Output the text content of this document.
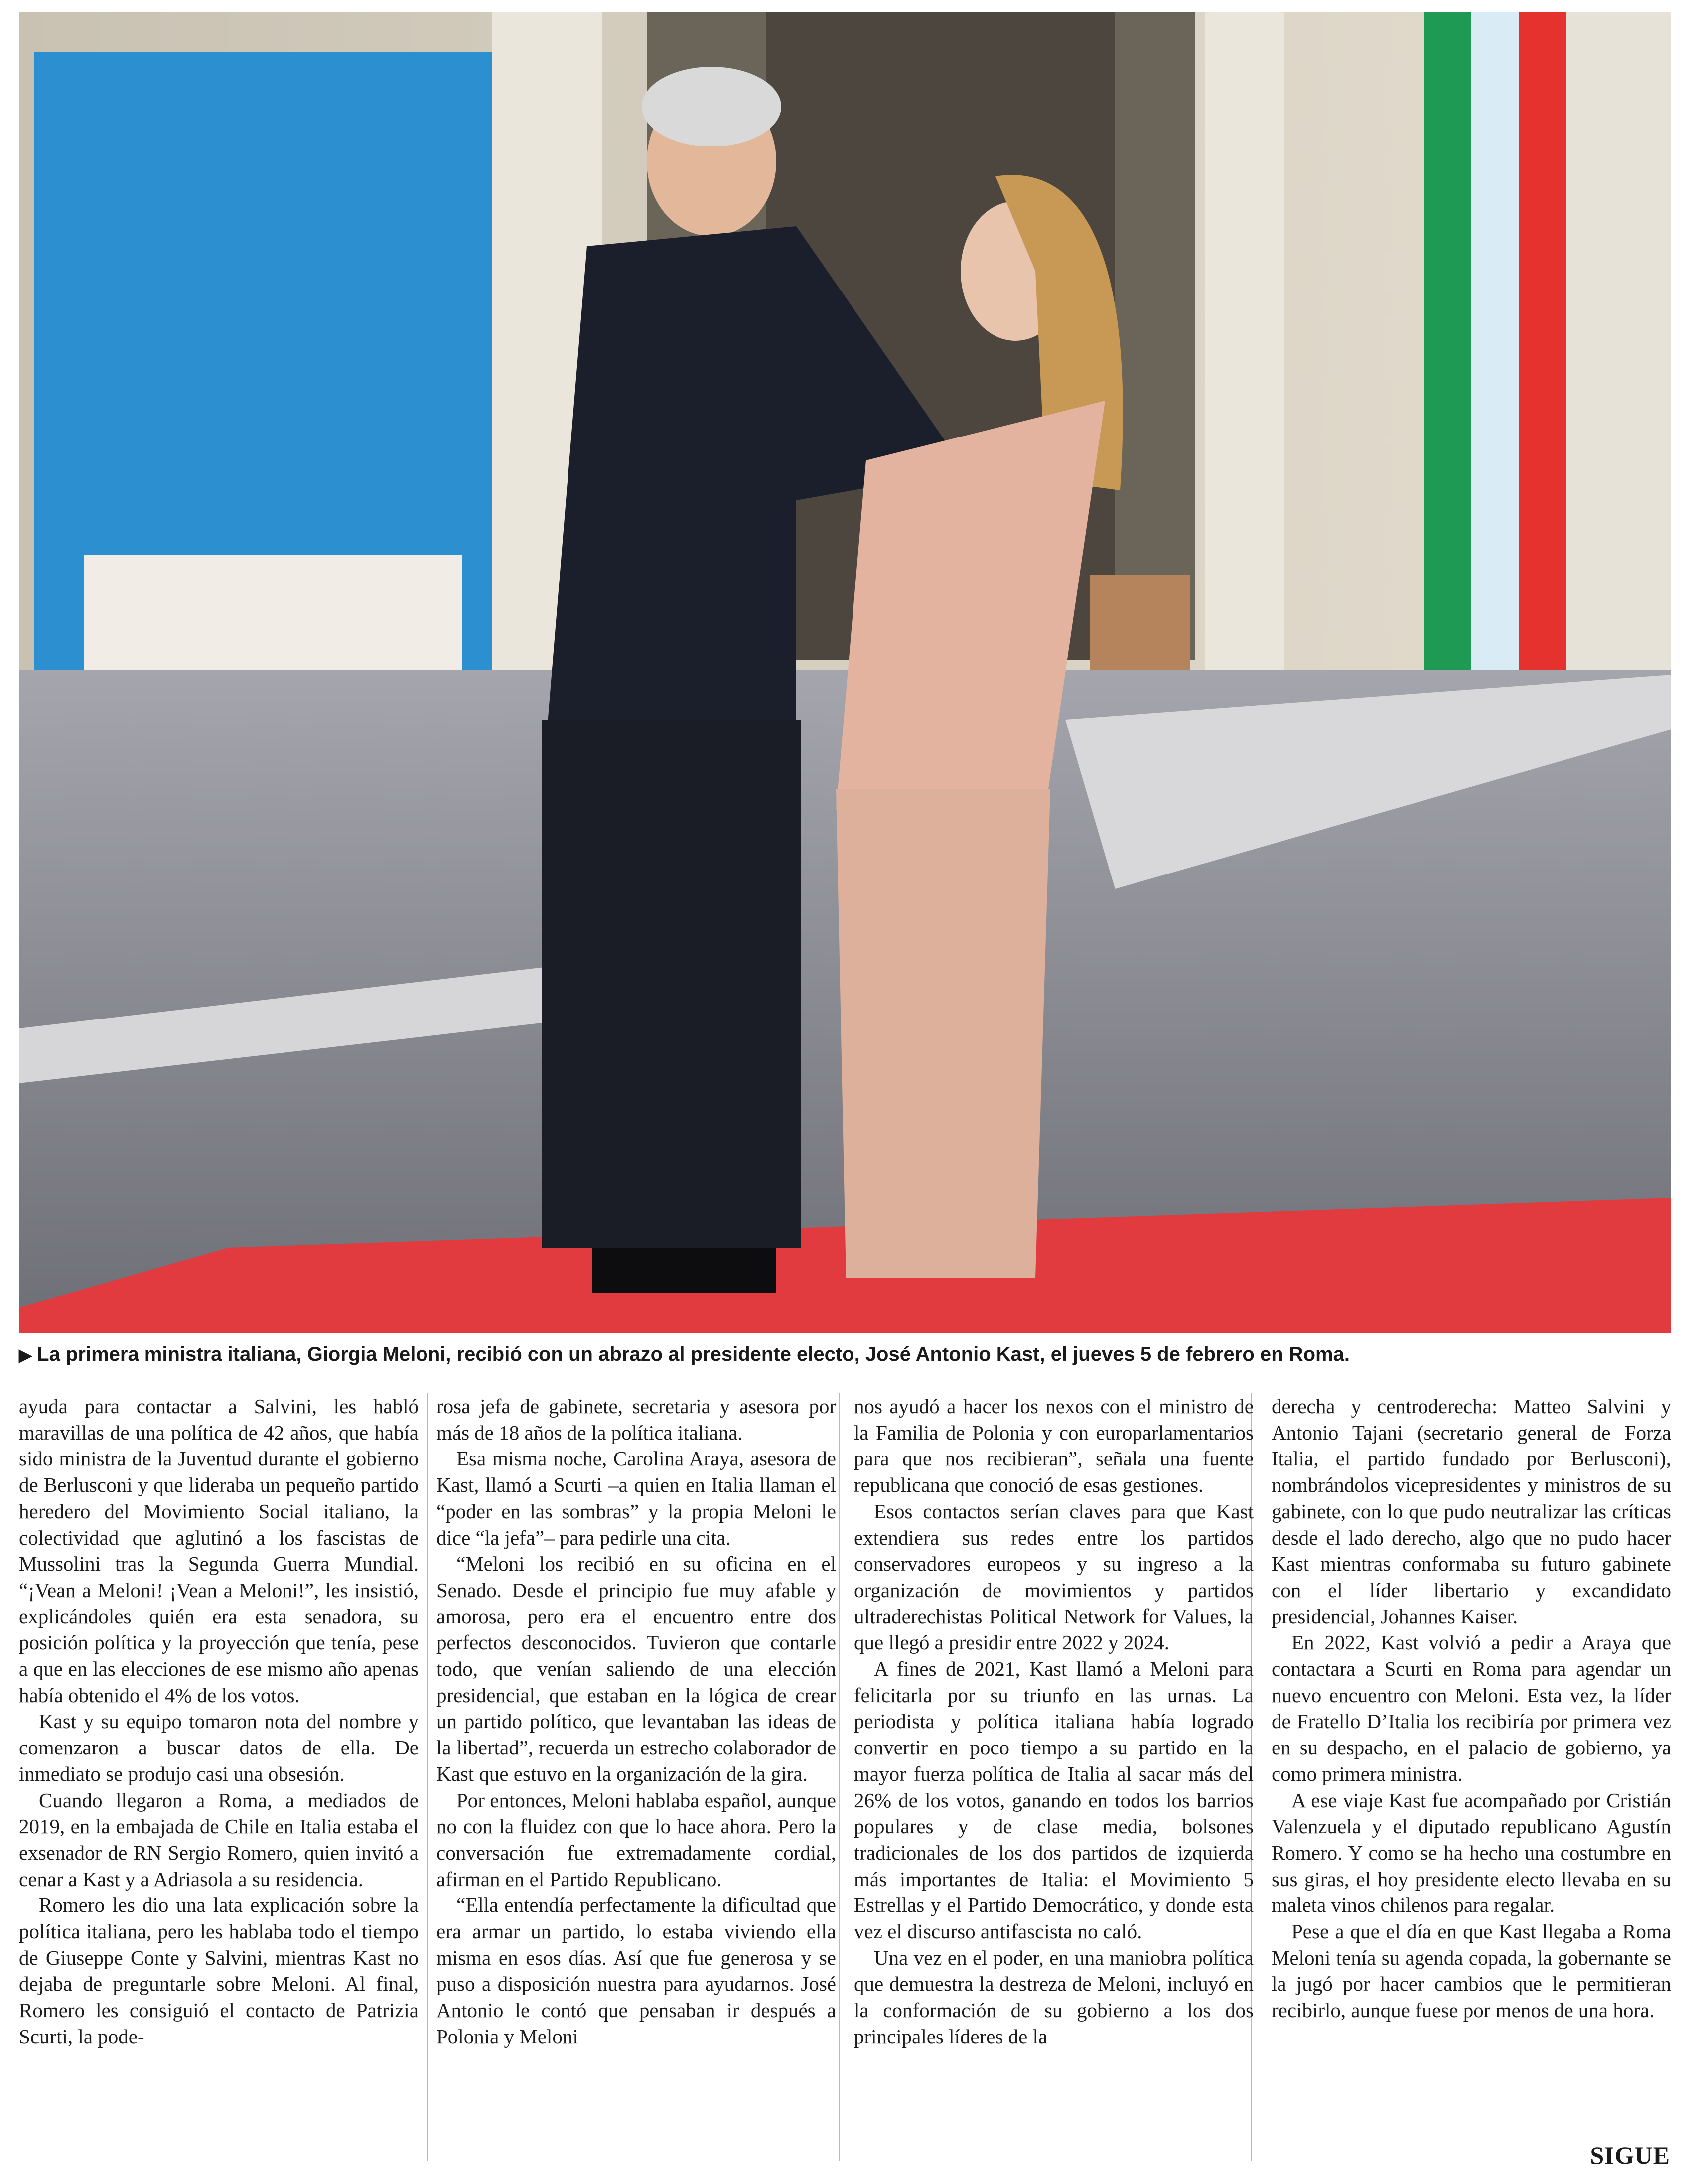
▶ La primera ministra italiana, Giorgia Meloni, recibió con un abrazo al presidente electo, José Antonio Kast, el jueves 5 de febrero en Roma.

ayuda para contactar a Salvini, les habló maravillas de una política de 42 años, que había sido ministra de la Juventud durante el gobierno de Berlusconi y que lideraba un pequeño partido heredero del Movimiento Social italiano, la colectividad que aglutinó a los fascistas de Mussolini tras la Segunda Guerra Mundial. “¡Vean a Meloni! ¡Vean a Meloni!”, les insistió, explicándoles quién era esta senadora, su posición política y la proyección que tenía, pese a que en las elecciones de ese mismo año apenas había obtenido el 4% de los votos.

Kast y su equipo tomaron nota del nombre y comenzaron a buscar datos de ella. De inmediato se produjo casi una obsesión.

Cuando llegaron a Roma, a mediados de 2019, en la embajada de Chile en Italia estaba el exsenador de RN Sergio Romero, quien invitó a cenar a Kast y a Adriasola a su residencia.

Romero les dio una lata explicación sobre la política italiana, pero les hablaba todo el tiempo de Giuseppe Conte y Salvini, mientras Kast no dejaba de preguntarle sobre Meloni. Al final, Romero les consiguió el contacto de Patrizia Scurti, la pode-

rosa jefa de gabinete, secretaria y asesora por más de 18 años de la política italiana.

Esa misma noche, Carolina Araya, asesora de Kast, llamó a Scurti –a quien en Italia llaman el “poder en las sombras” y la propia Meloni le dice “la jefa”– para pedirle una cita.

“Meloni los recibió en su oficina en el Senado. Desde el principio fue muy afable y amorosa, pero era el encuentro entre dos perfectos desconocidos. Tuvieron que contarle todo, que venían saliendo de una elección presidencial, que estaban en la lógica de crear un partido político, que levantaban las ideas de la libertad”, recuerda un estrecho colaborador de Kast que estuvo en la organización de la gira.

Por entonces, Meloni hablaba español, aunque no con la fluidez con que lo hace ahora. Pero la conversación fue extremadamente cordial, afirman en el Partido Republicano.

“Ella entendía perfectamente la dificultad que era armar un partido, lo estaba viviendo ella misma en esos días. Así que fue generosa y se puso a disposición nuestra para ayudarnos. José Antonio le contó que pensaban ir después a Polonia y Meloni

nos ayudó a hacer los nexos con el ministro de la Familia de Polonia y con europarlamentarios para que nos recibieran”, señala una fuente republicana que conoció de esas gestiones.

Esos contactos serían claves para que Kast extendiera sus redes entre los partidos conservadores europeos y su ingreso a la organización de movimientos y partidos ultraderechistas Political Network for Values, la que llegó a presidir entre 2022 y 2024.

A fines de 2021, Kast llamó a Meloni para felicitarla por su triunfo en las urnas. La periodista y política italiana había logrado convertir en poco tiempo a su partido en la mayor fuerza política de Italia al sacar más del 26% de los votos, ganando en todos los barrios populares y de clase media, bolsones tradicionales de los dos partidos de izquierda más importantes de Italia: el Movimiento 5 Estrellas y el Partido Democrático, y donde esta vez el discurso antifascista no caló.

Una vez en el poder, en una maniobra política que demuestra la destreza de Meloni, incluyó en la conformación de su gobierno a los dos principales líderes de la

derecha y centroderecha: Matteo Salvini y Antonio Tajani (secretario general de Forza Italia, el partido fundado por Berlusconi), nombrándolos vicepresidentes y ministros de su gabinete, con lo que pudo neutralizar las críticas desde el lado derecho, algo que no pudo hacer Kast mientras conformaba su futuro gabinete con el líder libertario y excandidato presidencial, Johannes Kaiser.

En 2022, Kast volvió a pedir a Araya que contactara a Scurti en Roma para agendar un nuevo encuentro con Meloni. Esta vez, la líder de Fratello D’Italia los recibiría por primera vez en su despacho, en el palacio de gobierno, ya como primera ministra.

A ese viaje Kast fue acompañado por Cristián Valenzuela y el diputado republicano Agustín Romero. Y como se ha hecho una costumbre en sus giras, el hoy presidente electo llevaba en su maleta vinos chilenos para regalar.

Pese a que el día en que Kast llegaba a Roma Meloni tenía su agenda copada, la gobernante se la jugó por hacer cambios que le permitieran recibirlo, aunque fuese por menos de una hora.

SIGUE
